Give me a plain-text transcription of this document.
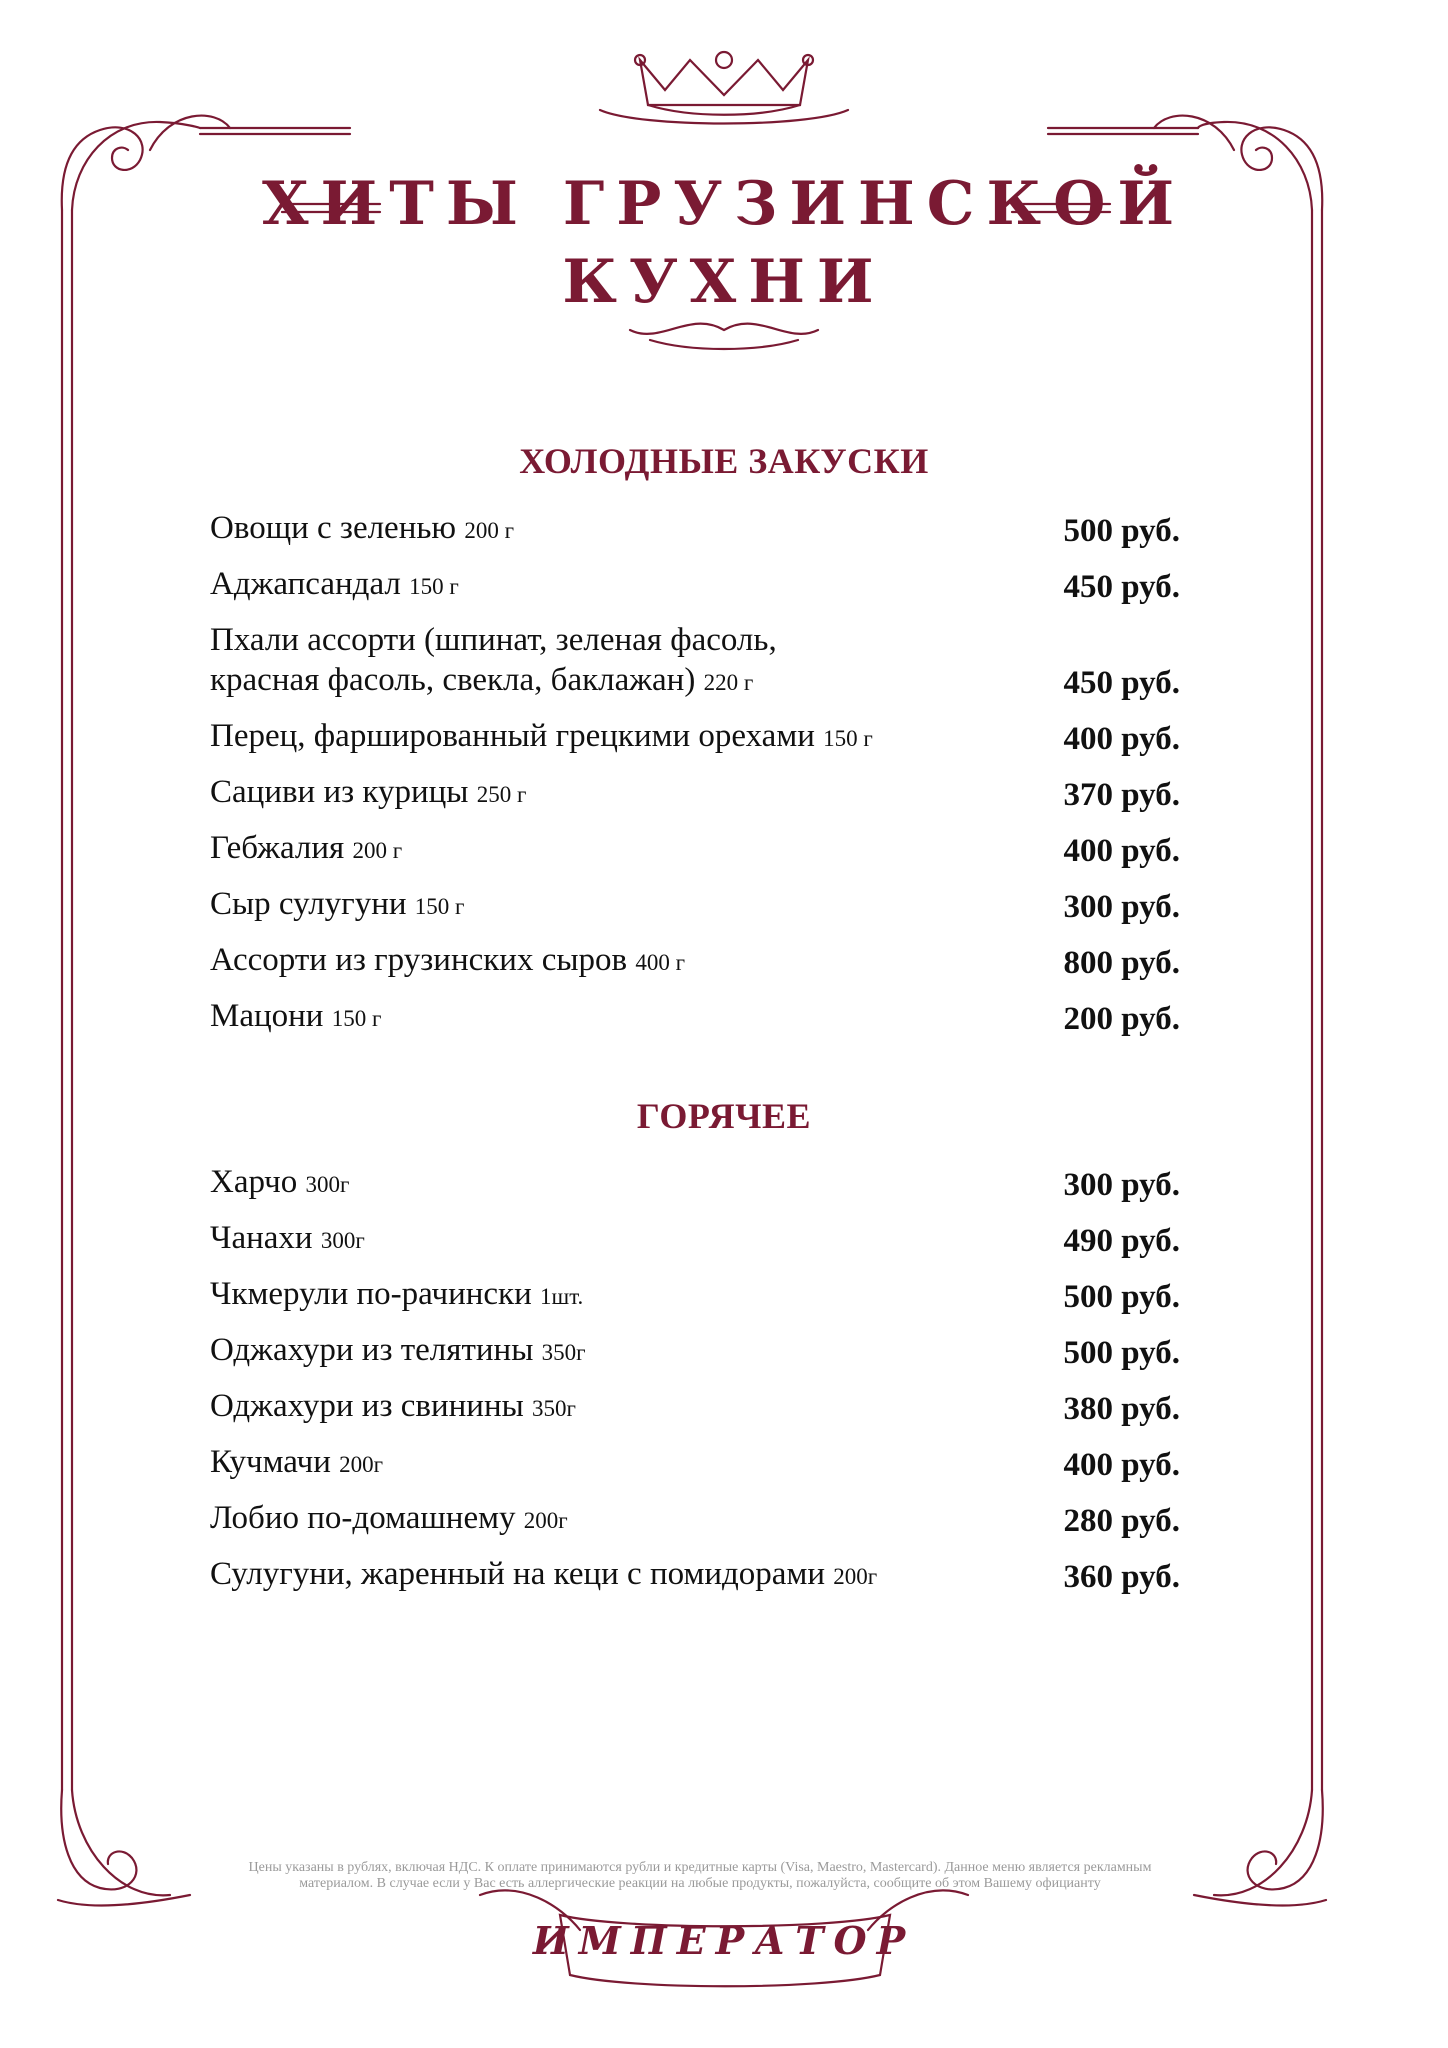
ХИТЫ ГРУЗИНСКОЙ
КУХНИ
ХОЛОДНЫЕ ЗАКУСКИ
Овощи с зеленью 200 г	500 руб.
Аджапсандал 150 г	450 руб.
Пхали ассорти (шпинат, зеленая фасоль, красная фасоль, свекла, баклажан) 220 г	450 руб.
Перец, фаршированный грецкими орехами 150 г	400 руб.
Сациви из курицы 250 г	370 руб.
Гебжалия 200 г	400 руб.
Сыр сулугуни 150 г	300 руб.
Ассорти из грузинских сыров 400 г	800 руб.
Мацони 150 г	200 руб.
ГОРЯЧЕЕ
Харчо 300г	300 руб.
Чанахи 300г	490 руб.
Чкмерули по-рачински 1шт.	500 руб.
Оджахури из телятины 350г	500 руб.
Оджахури из свинины 350г	380 руб.
Кучмачи 200г	400 руб.
Лобио по-домашнему 200г	280 руб.
Сулугуни, жаренный на кеци с помидорами 200г	360 руб.
Цены указаны в рублях, включая НДС. К оплате принимаются рубли и кредитные карты (Visa, Maestro, Mastercard). Данное меню является рекламным материалом. В случае если у Вас есть аллергические реакции на любые продукты, пожалуйста, сообщите об этом Вашему официанту
ИМПЕРАТОР
